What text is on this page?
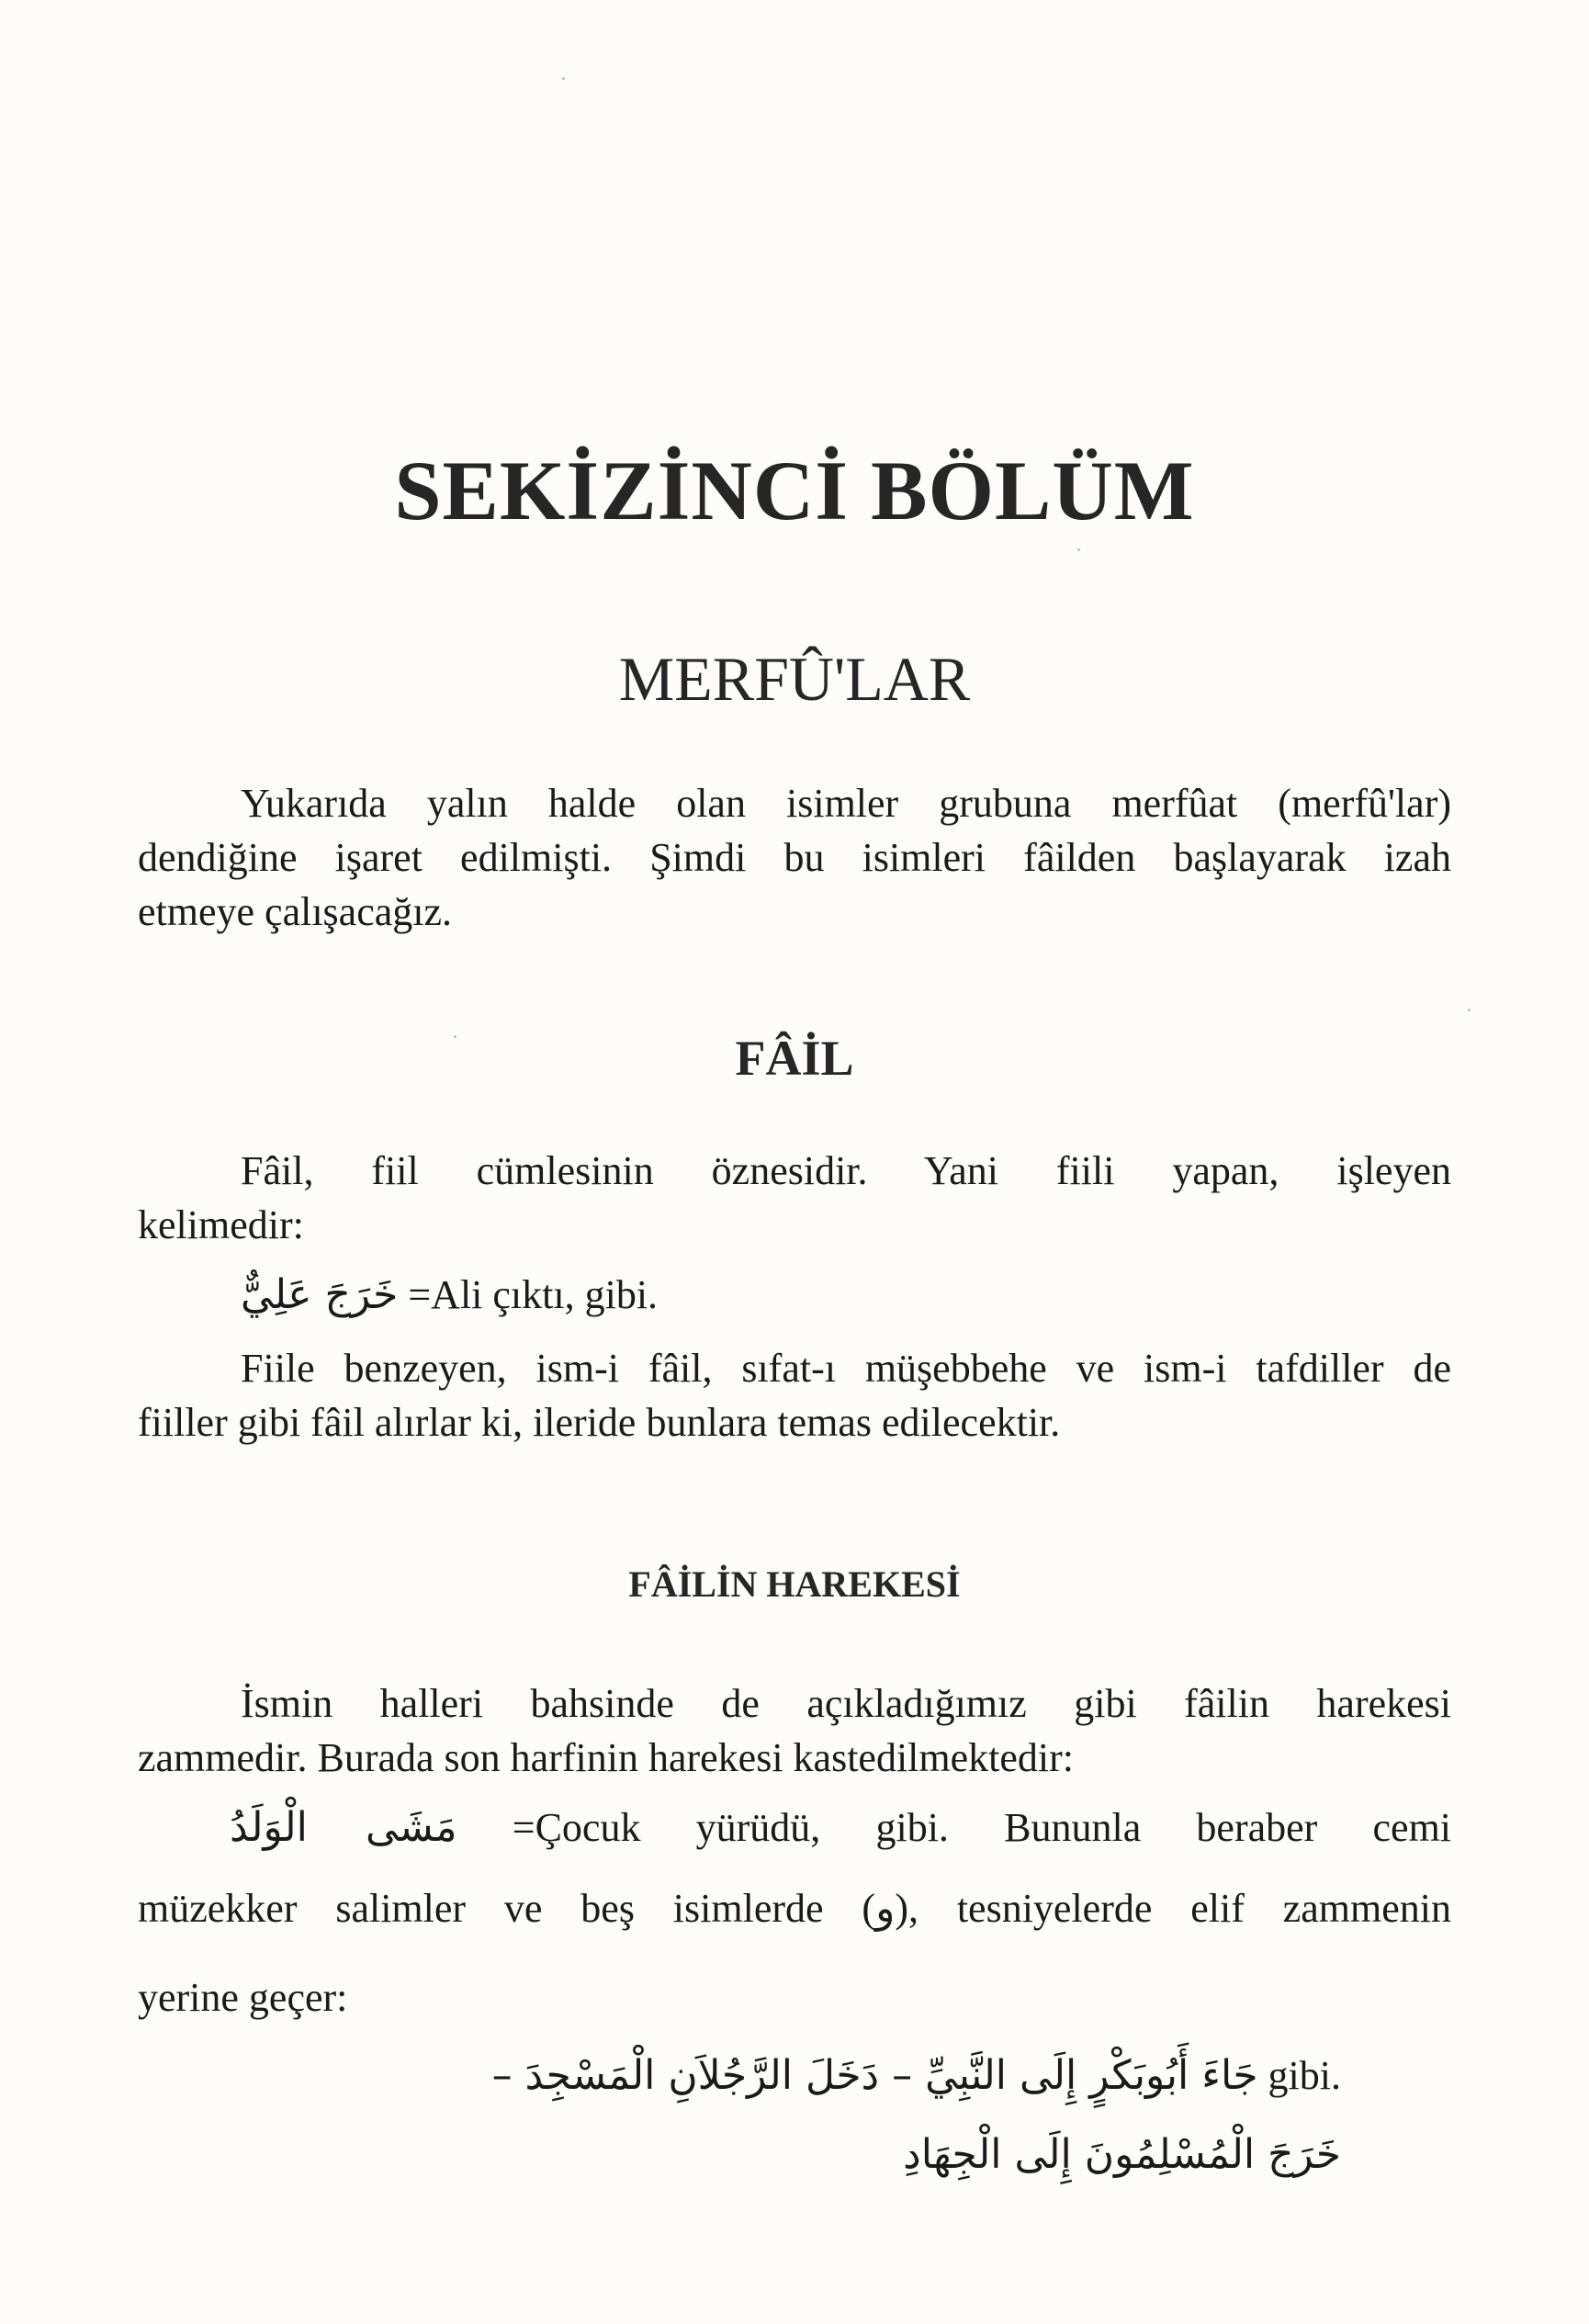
SEKİZİNCİ BÖLÜM
MERFÛ'LAR
Yukarıda yalın halde olan isimler grubuna merfûat (merfû'lar)
dendiğine işaret edilmişti. Şimdi bu isimleri fâilden başlayarak izah
etmeye çalışacağız.
FÂİL
Fâil, fiil cümlesinin öznesidir. Yani fiili yapan, işleyen
kelimedir:
خَرَجَ عَلِيٌّ =Ali çıktı, gibi.
Fiile benzeyen, ism-i fâil, sıfat-ı müşebbehe ve ism-i tafdiller de
fiiller gibi fâil alırlar ki, ileride bunlara temas edilecektir.
FÂİLİN HAREKESİ
İsmin halleri bahsinde de açıkladığımız gibi fâilin harekesi
zammedir. Burada son harfinin harekesi kastedilmektedir:
مَشَى الْوَلَدُ =Çocuk yürüdü, gibi. Bununla beraber cemi
müzekker salimler ve beş isimlerde (و), tesniyelerde elif zammenin
yerine geçer:
جَاءَ أَبُوبَكْرٍ إِلَى النَّبِيِّ – دَخَلَ الرَّجُلاَنِ الْمَسْجِدَ – gibi.
خَرَجَ الْمُسْلِمُونَ إِلَى الْجِهَادِ
